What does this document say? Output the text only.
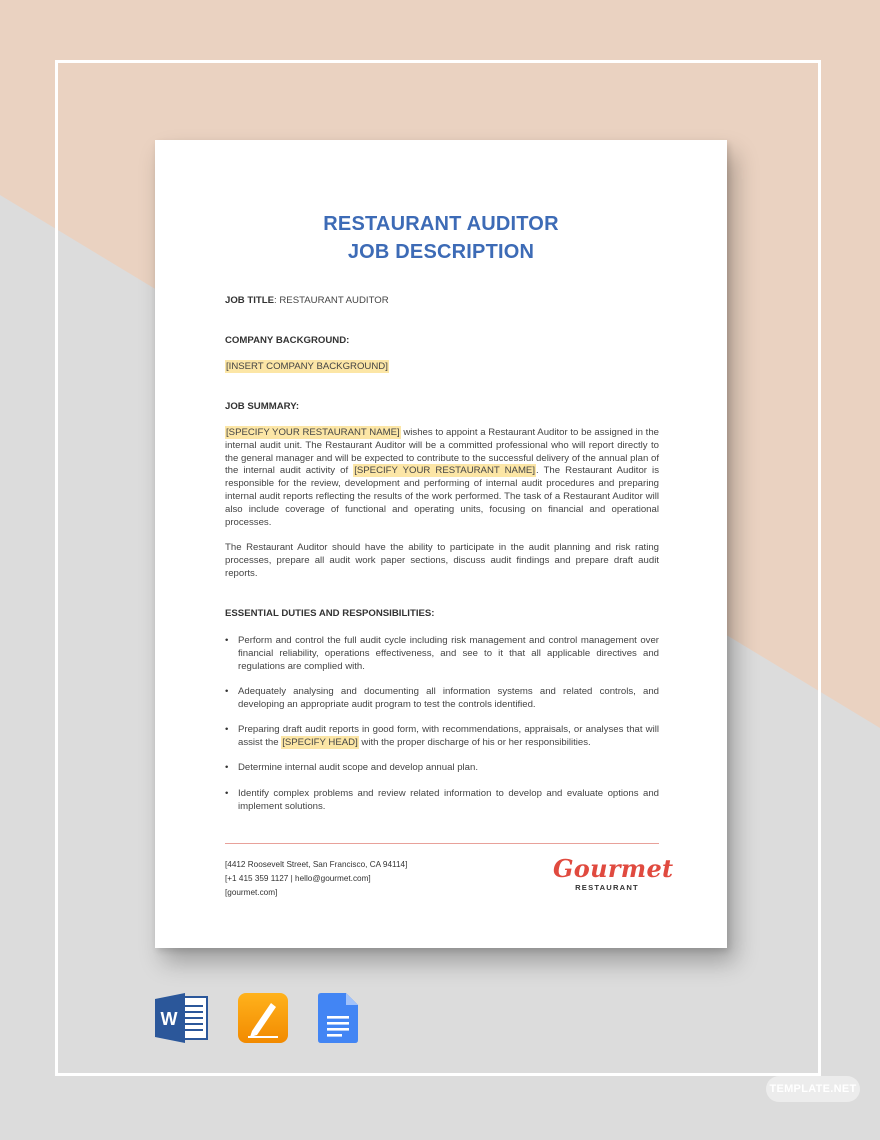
RESTAURANT AUDITOR
JOB DESCRIPTION
JOB TITLE: RESTAURANT AUDITOR
COMPANY BACKGROUND:
[INSERT COMPANY BACKGROUND]
JOB SUMMARY:

[SPECIFY YOUR RESTAURANT NAME] wishes to appoint a Restaurant Auditor to be assigned in the internal audit unit. The Restaurant Auditor will be a committed professional who will report directly to the general manager and will be expected to contribute to the successful delivery of the annual plan of the internal audit activity of [SPECIFY YOUR RESTAURANT NAME]. The Restaurant Auditor is responsible for the review, development and performing of internal audit procedures and preparing internal audit reports reflecting the results of the work performed. The task of a Restaurant Auditor will also include coverage of functional and operating units, focusing on financial and operational processes.

The Restaurant Auditor should have the ability to participate in the audit planning and risk rating processes, prepare all audit work paper sections, discuss audit findings and prepare draft audit reports.

ESSENTIAL DUTIES AND RESPONSIBILITIES:
• Perform and control the full audit cycle including risk management and control management over financial reliability, operations effectiveness, and see to it that all applicable directives and regulations are complied with.
• Adequately analysing and documenting all information systems and related controls, and developing an appropriate audit program to test the controls identified.
• Preparing draft audit reports in good form, with recommendations, appraisals, or analyses that will assist the [SPECIFY HEAD] with the proper discharge of his or her responsibilities.
• Determine internal audit scope and develop annual plan.
• Identify complex problems and review related information to develop and evaluate options and implement solutions.
[4412 Roosevelt Street, San Francisco, CA 94114]
[+1 415 359 1127 | hello@gourmet.com]
[gourmet.com]
Gourmet
RESTAURANT
W
TEMPLATE.NET
